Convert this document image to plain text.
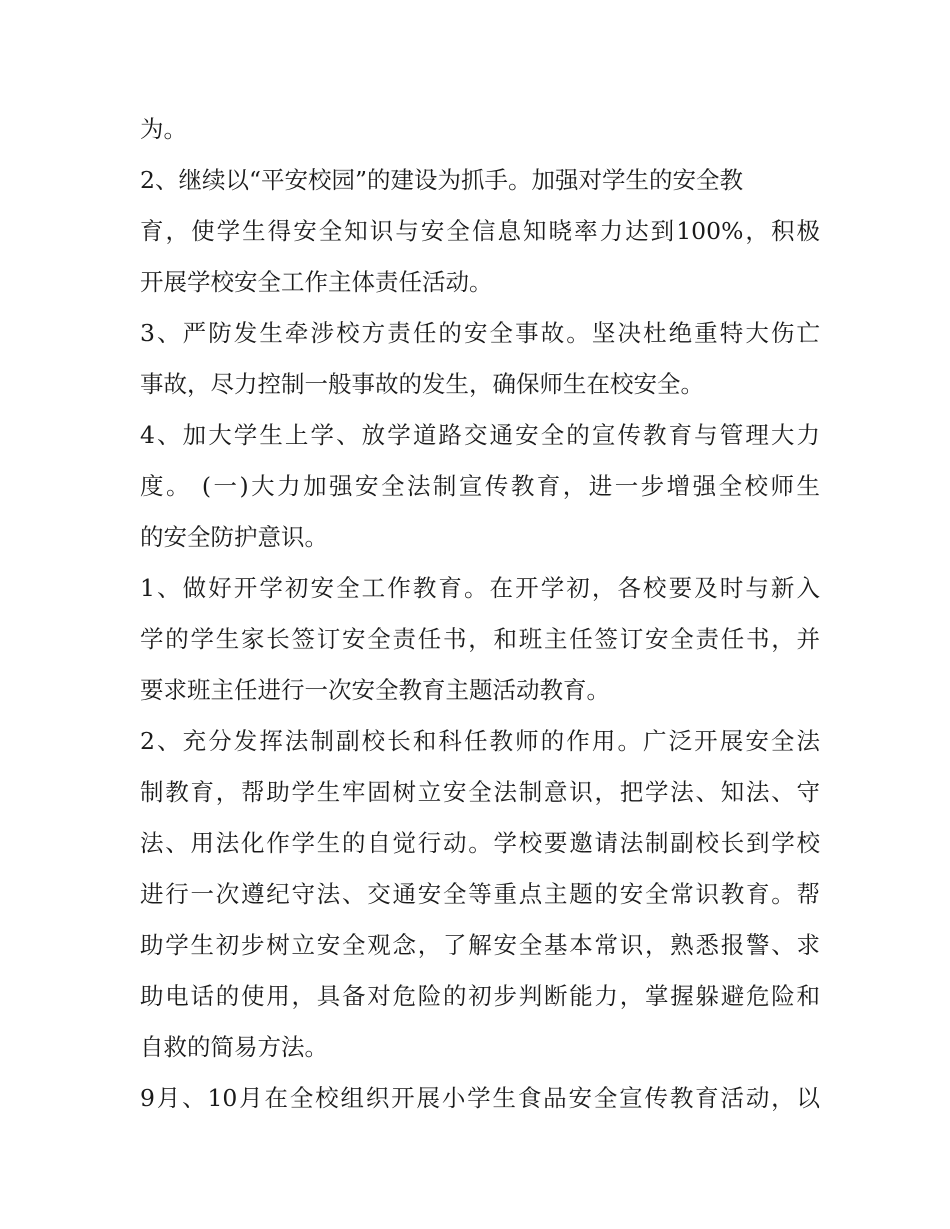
为。
2、继续以“平安校园”的建设为抓手。加强对学生的安全教
育，使学生得安全知识与安全信息知晓率力达到100%，积极
开展学校安全工作主体责任活动。
3、严防发生牵涉校方责任的安全事故。坚决杜绝重特大伤亡
事故，尽力控制一般事故的发生，确保师生在校安全。
4、加大学生上学、放学道路交通安全的宣传教育与管理大力
度。 (一)大力加强安全法制宣传教育，进一步增强全校师生
的安全防护意识。
1、做好开学初安全工作教育。在开学初，各校要及时与新入
学的学生家长签订安全责任书，和班主任签订安全责任书，并
要求班主任进行一次安全教育主题活动教育。
2、充分发挥法制副校长和科任教师的作用。广泛开展安全法
制教育，帮助学生牢固树立安全法制意识，把学法、知法、守
法、用法化作学生的自觉行动。学校要邀请法制副校长到学校
进行一次遵纪守法、交通安全等重点主题的安全常识教育。帮
助学生初步树立安全观念，了解安全基本常识，熟悉报警、求
助电话的使用，具备对危险的初步判断能力，掌握躲避危险和
自救的简易方法。
9月、10月在全校组织开展小学生食品安全宣传教育活动，以
